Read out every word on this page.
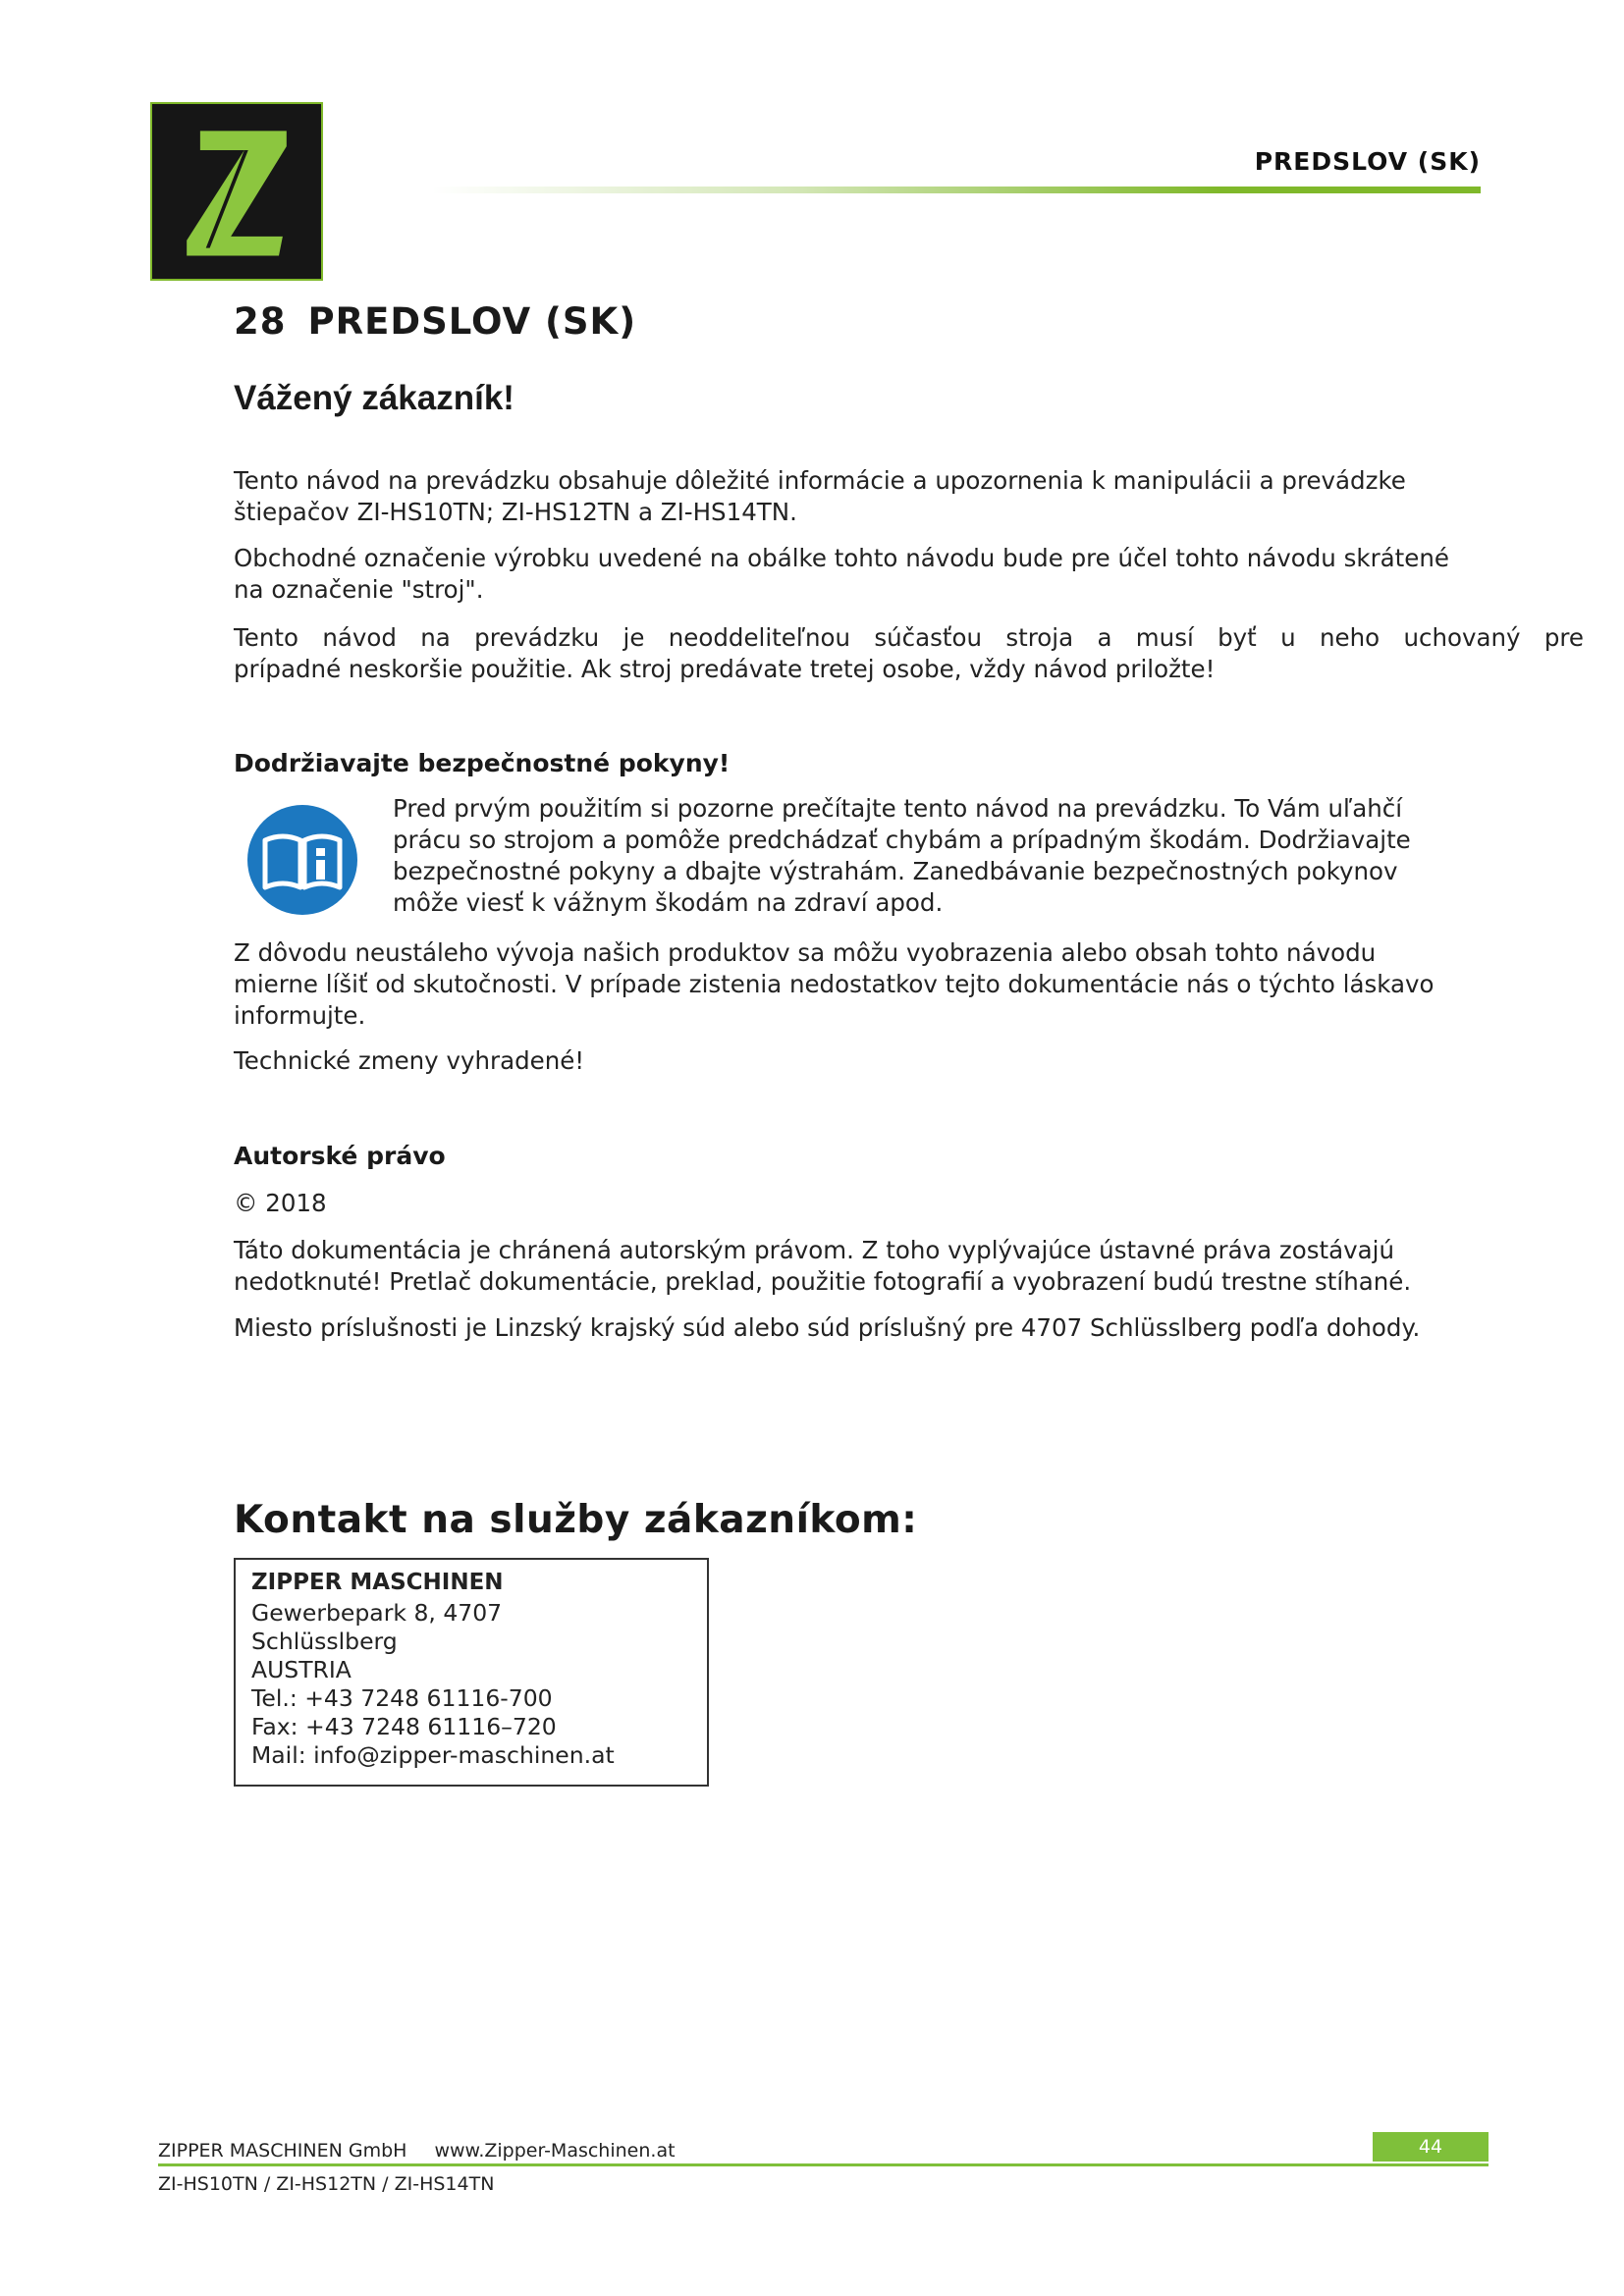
PREDSLOV (SK)
28 PREDSLOV (SK)
Vážený zákazník!
Tento návod na prevádzku obsahuje dôležité informácie a upozornenia k manipulácii a prevádzke
štiepačov ZI-HS10TN; ZI-HS12TN a ZI-HS14TN.
Obchodné označenie výrobku uvedené na obálke tohto návodu bude pre účel tohto návodu skrátené
na označenie "stroj".
Tento návod na prevádzku je neoddeliteľnou súčasťou stroja a musí byť u neho uchovaný pre
prípadné neskoršie použitie. Ak stroj predávate tretej osobe, vždy návod priložte!
Dodržiavajte bezpečnostné pokyny!
Pred prvým použitím si pozorne prečítajte tento návod na prevádzku. To Vám uľahčí
prácu so strojom a pomôže predchádzať chybám a prípadným škodám. Dodržiavajte
bezpečnostné pokyny a dbajte výstrahám. Zanedbávanie bezpečnostných pokynov
môže viesť k vážnym škodám na zdraví apod.
Z dôvodu neustáleho vývoja našich produktov sa môžu vyobrazenia alebo obsah tohto návodu
mierne líšiť od skutočnosti. V prípade zistenia nedostatkov tejto dokumentácie nás o týchto láskavo
informujte.
Technické zmeny vyhradené!
Autorské právo
© 2018
Táto dokumentácia je chránená autorským právom. Z toho vyplývajúce ústavné práva zostávajú
nedotknuté! Pretlač dokumentácie, preklad, použitie fotografií a vyobrazení budú trestne stíhané.
Miesto príslušnosti je Linzský krajský súd alebo súd príslušný pre 4707 Schlüsslberg podľa dohody.
Kontakt na služby zákazníkom:
ZIPPER MASCHINEN
Gewerbepark 8, 4707
Schlüsslberg
AUSTRIA
Tel.: +43 7248 61116-700
Fax: +43 7248 61116–720
Mail: info@zipper-maschinen.at
ZIPPER MASCHINEN GmbH www.Zipper-Maschinen.at	44
ZI-HS10TN / ZI-HS12TN / ZI-HS14TN
